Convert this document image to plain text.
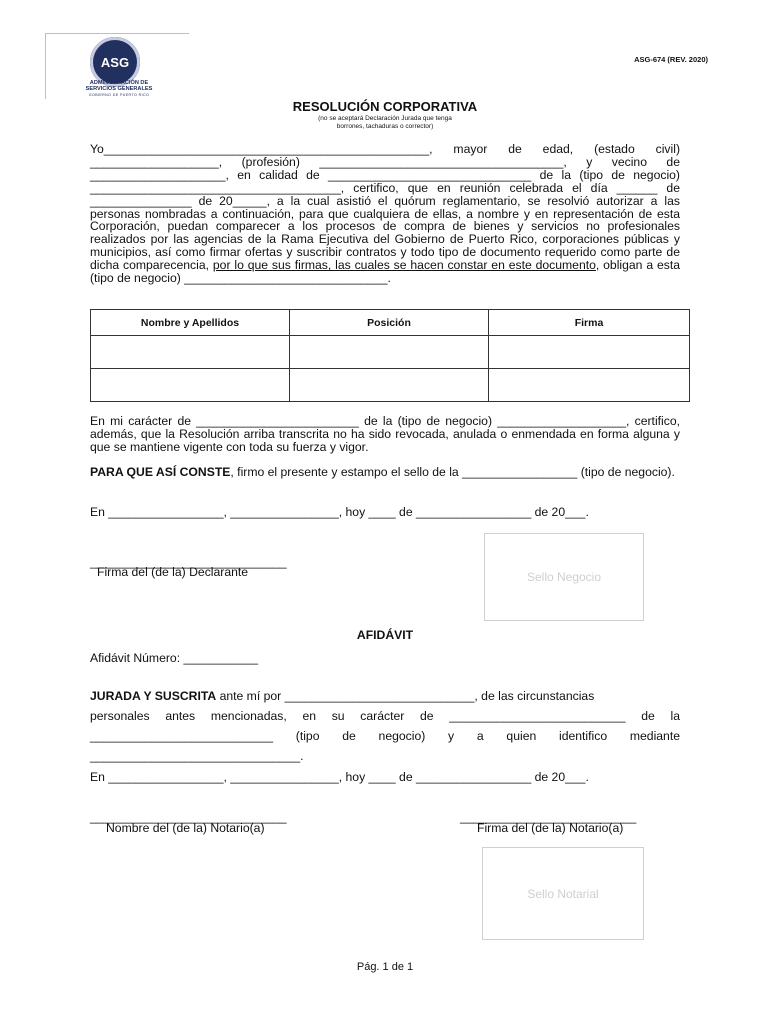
ASG
ADMINISTRACIÓN DE
SERVICIOS GENERALES
GOBIERNO DE PUERTO RICO
ASG-674 (REV. 2020)
RESOLUCIÓN CORPORATIVA
(no se aceptará Declaración Jurada que tenga
borrones, tachaduras o corrector)
Yo________________________________________________, mayor de edad, (estado civil) ___________________, (profesión) ____________________________________, y vecino de ____________________, en calidad de ______________________________ de la (tipo de negocio) _____________________________________, certifico, que en reunión celebrada el día ______ de _______________ de 20_____, a la cual asistió el quórum reglamentario, se resolvió autorizar a las personas nombradas a continuación, para que cualquiera de ellas, a nombre y en representación de esta Corporación, puedan comparecer a los procesos de compra de bienes y servicios no profesionales realizados por las agencias de la Rama Ejecutiva del Gobierno de Puerto Rico, corporaciones públicas y municipios, así como firmar ofertas y suscribir contratos y todo tipo de documento requerido como parte de dicha comparecencia, por lo que sus firmas, las cuales se hacen constar en este documento, obligan a esta (tipo de negocio) ______________________________.
Nombre y Apellidos	Posición	Firma

En mi carácter de ________________________ de la (tipo de negocio) ___________________, certifico, además, que la Resolución arriba transcrita no ha sido revocada, anulada o enmendada en forma alguna y que se mantiene vigente con toda su fuerza y vigor.
PARA QUE ASÍ CONSTE, firmo el presente y estampo el sello de la _________________ (tipo de negocio).
En _________________, ________________, hoy ____ de _________________ de 20___.
_____________________________
Firma del (de la) Declarante	Sello Negocio
AFIDÁVIT
Afidávit Número: ___________
JURADA Y SUSCRITA ante mí por ____________________________, de las circunstancias
personales antes mencionadas, en su carácter de __________________________ de la
___________________________ (tipo de negocio) y a quien identifico mediante
_______________________________.
En _________________, ________________, hoy ____ de _________________ de 20___.
_____________________________
Nombre del (de la) Notario(a)
__________________________
Firma del (de la) Notario(a)
Sello Notarial
Pág. 1 de 1
